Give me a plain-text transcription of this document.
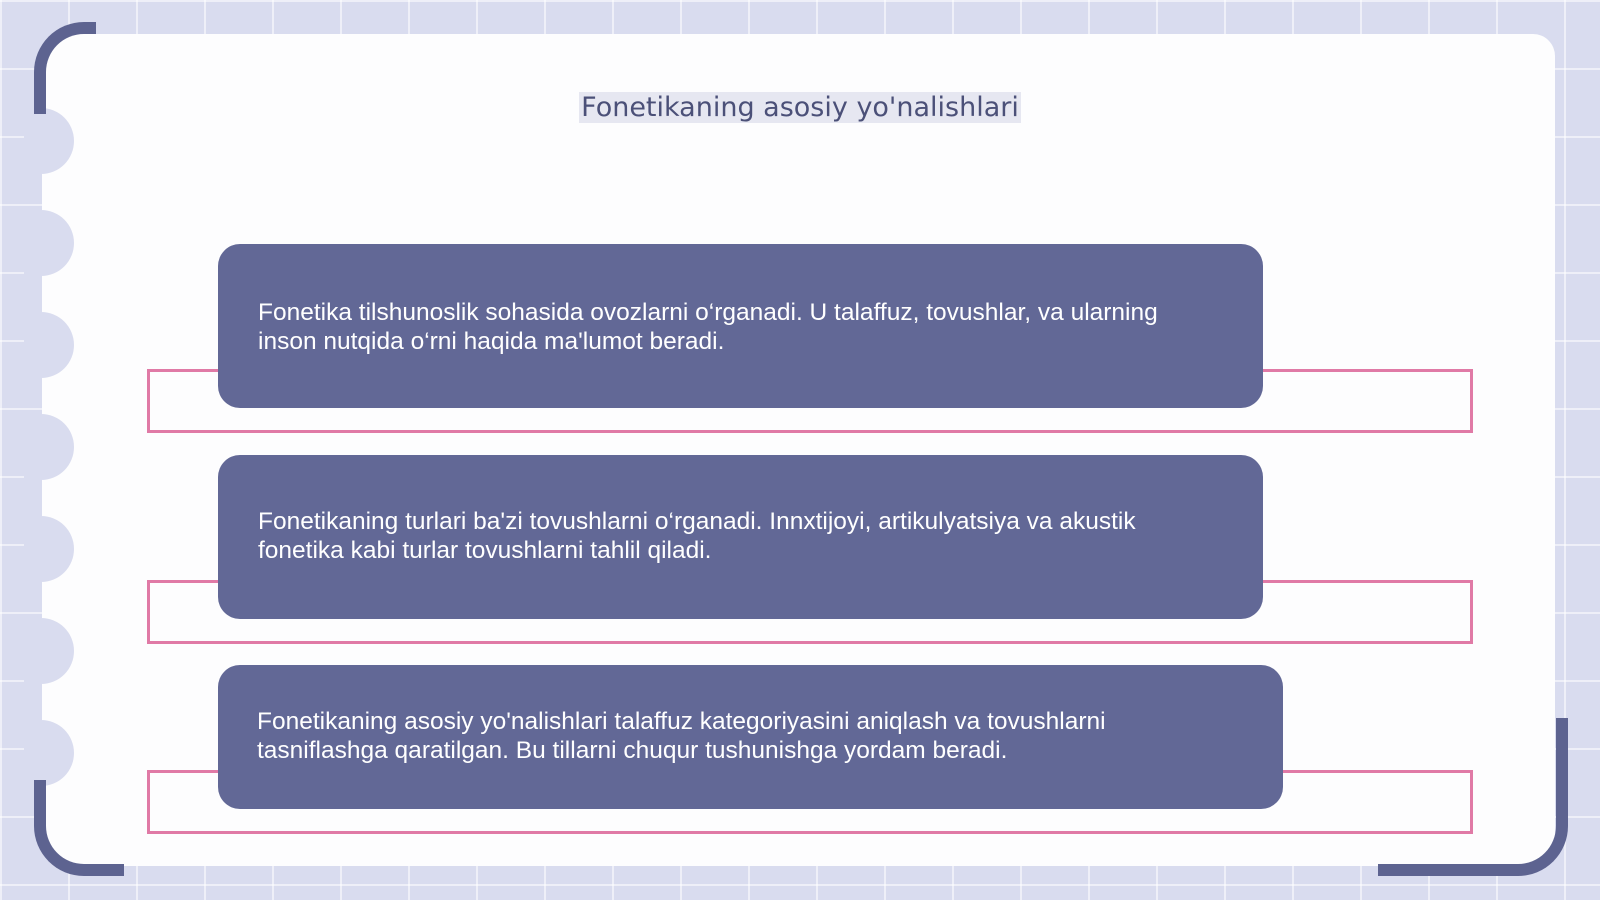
Fonetikaning asosiy yo'nalishlari

Fonetika tilshunoslik sohasida ovozlarni o‘rganadi. U talaffuz, tovushlar, va ularning inson nutqida o‘rni haqida ma'lumot beradi.

Fonetikaning turlari ba'zi tovushlarni o‘rganadi. Innxtijoyi, artikulyatsiya va akustik fonetika kabi turlar tovushlarni tahlil qiladi.

Fonetikaning asosiy yo'nalishlari talaffuz kategoriyasini aniqlash va tovushlarni tasniflashga qaratilgan. Bu tillarni chuqur tushunishga yordam beradi.
